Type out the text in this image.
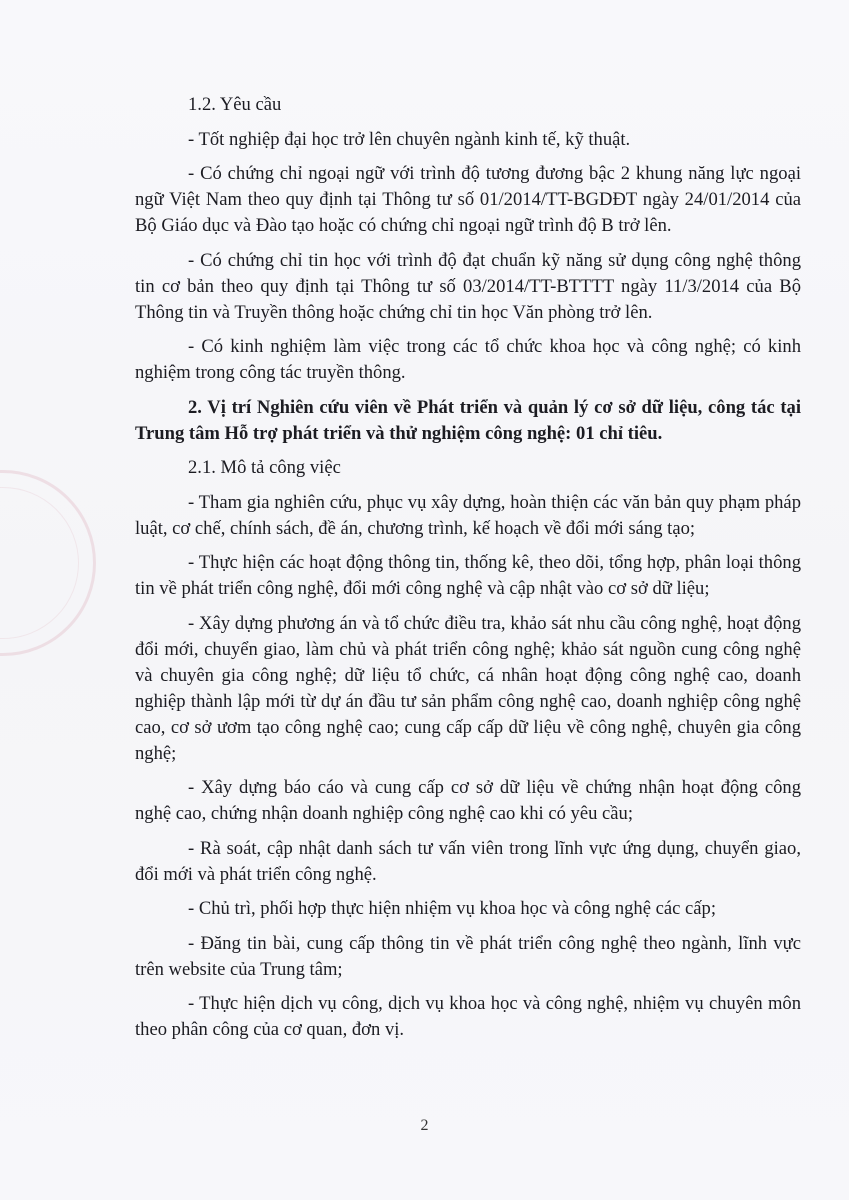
1.2. Yêu cầu

- Tốt nghiệp đại học trở lên chuyên ngành kinh tế, kỹ thuật.

- Có chứng chỉ ngoại ngữ với trình độ tương đương bậc 2 khung năng lực ngoại ngữ Việt Nam theo quy định tại Thông tư số 01/2014/TT-BGDĐT ngày 24/01/2014 của Bộ Giáo dục và Đào tạo hoặc có chứng chỉ ngoại ngữ trình độ B trở lên.

- Có chứng chỉ tin học với trình độ đạt chuẩn kỹ năng sử dụng công nghệ thông tin cơ bản theo quy định tại Thông tư số 03/2014/TT-BTTTT ngày 11/3/2014 của Bộ Thông tin và Truyền thông hoặc chứng chỉ tin học Văn phòng trở lên.

- Có kinh nghiệm làm việc trong các tổ chức khoa học và công nghệ; có kinh nghiệm trong công tác truyền thông.

2. Vị trí Nghiên cứu viên về Phát triển và quản lý cơ sở dữ liệu, công tác tại Trung tâm Hỗ trợ phát triển và thử nghiệm công nghệ: 01 chỉ tiêu.

2.1. Mô tả công việc

- Tham gia nghiên cứu, phục vụ xây dựng, hoàn thiện các văn bản quy phạm pháp luật, cơ chế, chính sách, đề án, chương trình, kế hoạch về đổi mới sáng tạo;

- Thực hiện các hoạt động thông tin, thống kê, theo dõi, tổng hợp, phân loại thông tin về phát triển công nghệ, đổi mới công nghệ và cập nhật vào cơ sở dữ liệu;

- Xây dựng phương án và tổ chức điều tra, khảo sát nhu cầu công nghệ, hoạt động đổi mới, chuyển giao, làm chủ và phát triển công nghệ; khảo sát nguồn cung công nghệ và chuyên gia công nghệ; dữ liệu tổ chức, cá nhân hoạt động công nghệ cao, doanh nghiệp thành lập mới từ dự án đầu tư sản phẩm công nghệ cao, doanh nghiệp công nghệ cao, cơ sở ươm tạo công nghệ cao; cung cấp cấp dữ liệu về công nghệ, chuyên gia công nghệ;

- Xây dựng báo cáo và cung cấp cơ sở dữ liệu về chứng nhận hoạt động công nghệ cao, chứng nhận doanh nghiệp công nghệ cao khi có yêu cầu;

- Rà soát, cập nhật danh sách tư vấn viên trong lĩnh vực ứng dụng, chuyển giao, đổi mới và phát triển công nghệ.

- Chủ trì, phối hợp thực hiện nhiệm vụ khoa học và công nghệ các cấp;

- Đăng tin bài, cung cấp thông tin về phát triển công nghệ theo ngành, lĩnh vực trên website của Trung tâm;

- Thực hiện dịch vụ công, dịch vụ khoa học và công nghệ, nhiệm vụ chuyên môn theo phân công của cơ quan, đơn vị.

2
